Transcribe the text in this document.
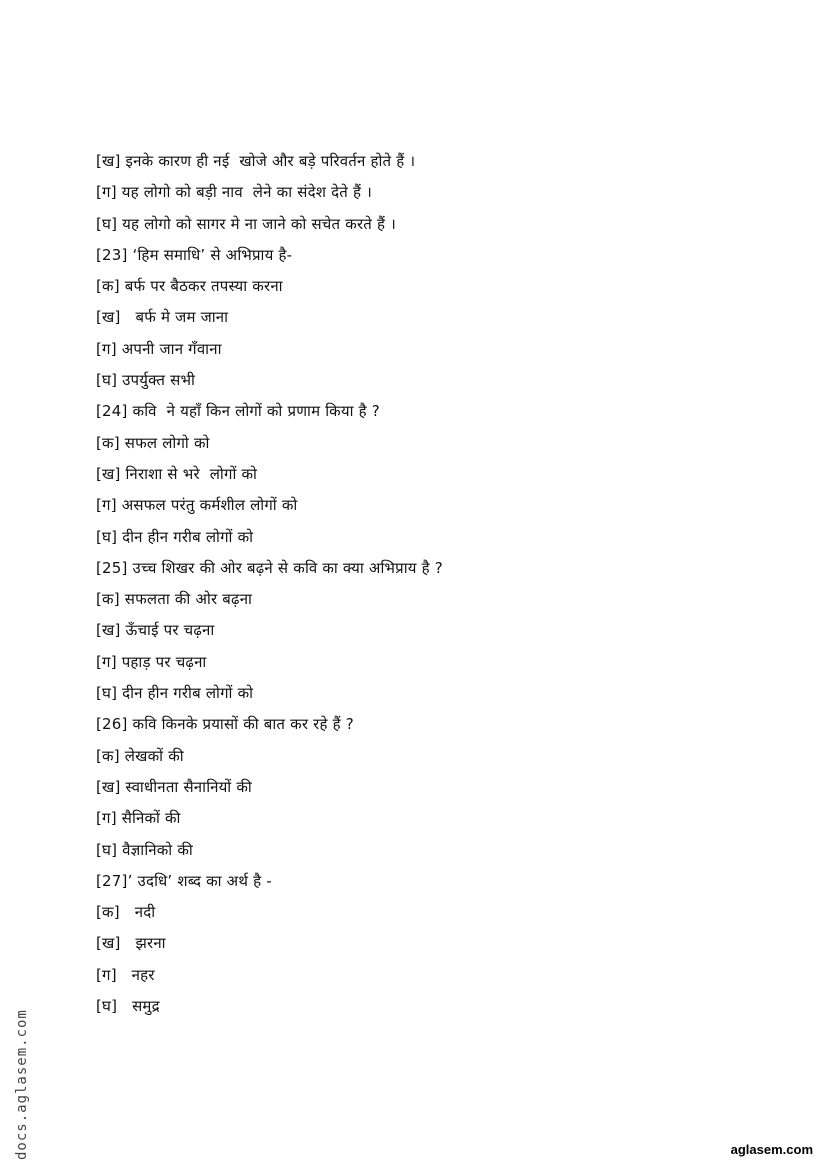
[ख] इनके कारण ही नई  खोजे और बड़े परिवर्तन होते हैं ।
[ग] यह लोगो को बड़ी नाव  लेने का संदेश देते हैं ।
[घ] यह लोगो को सागर मे ना जाने को सचेत करते हैं ।
[23] ‘हिम समाधि’ से अभिप्राय है-
[क] बर्फ पर बैठकर तपस्या करना
[ख]   बर्फ मे जम जाना
[ग] अपनी जान गँवाना
[घ] उपर्युक्त सभी
[24] कवि  ने यहाँ किन लोगों को प्रणाम किया है ?
[क] सफल लोगो को
[ख] निराशा से भरे  लोगों को
[ग] असफल परंतु कर्मशील लोगों को
[घ] दीन हीन गरीब लोगों को
[25] उच्च शिखर की ओर बढ़ने से कवि का क्या अभिप्राय है ?
[क] सफलता की ओर बढ़ना
[ख] ऊँचाई पर चढ़ना
[ग] पहाड़ पर चढ़ना
[घ] दीन हीन गरीब लोगों को
[26] कवि किनके प्रयासों की बात कर रहे हैं ?
[क] लेखकों की
[ख] स्वाधीनता सैनानियों की
[ग] सैनिकों की
[घ] वैज्ञानिको की
[27]’ उदधि’ शब्द का अर्थ है -
[क]   नदी
[ख]   झरना
[ग]   नहर
[घ]   समुद्र
docs.aglasem.com	aglasem.com
